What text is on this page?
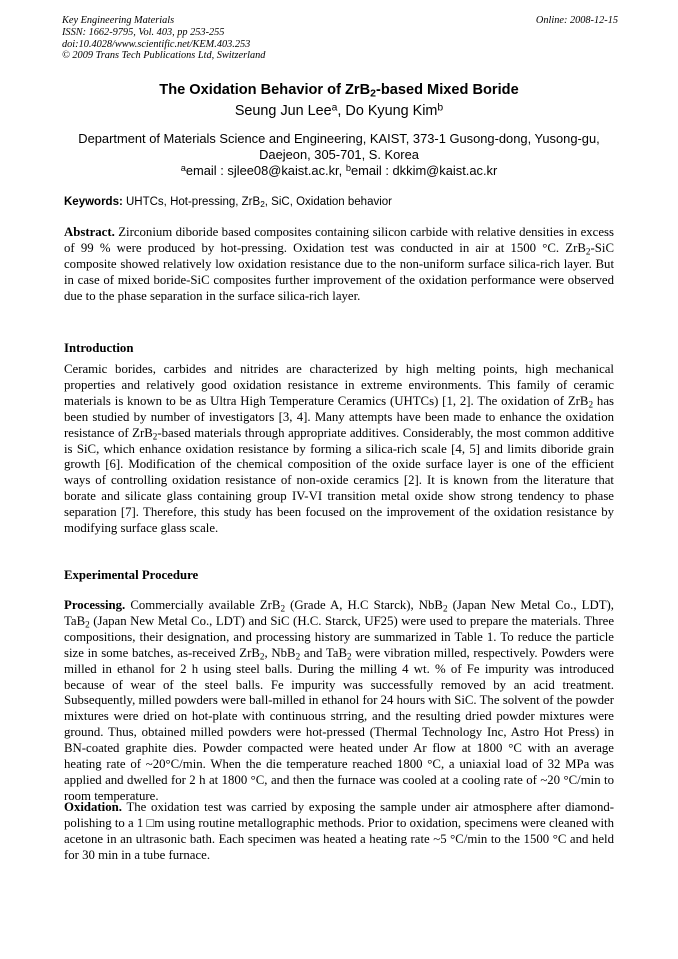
Key Engineering Materials
ISSN: 1662-9795, Vol. 403, pp 253-255
doi:10.4028/www.scientific.net/KEM.403.253
© 2009 Trans Tech Publications Ltd, Switzerland
Online: 2008-12-15
The Oxidation Behavior of ZrB$_2$-based Mixed Boride
Seung Jun Lee$^a$, Do Kyung Kim$^b$
Department of Materials Science and Engineering, KAIST, 373-1 Gusong-dong, Yusong-gu, Daejeon, 305-701, S. Korea
$^a$email : sjlee08@kaist.ac.kr, $^b$email : dkkim@kaist.ac.kr
Keywords: UHTCs, Hot-pressing, ZrB$_2$, SiC, Oxidation behavior
Abstract. Zirconium diboride based composites containing silicon carbide with relative densities in excess of 99 % were produced by hot-pressing. Oxidation test was conducted in air at 1500 °C. ZrB$_2$-SiC composite showed relatively low oxidation resistance due to the non-uniform surface silica-rich layer. But in case of mixed boride-SiC composites further improvement of the oxidation performance were observed due to the phase separation in the surface silica-rich layer.
Introduction
Ceramic borides, carbides and nitrides are characterized by high melting points, high mechanical properties and relatively good oxidation resistance in extreme environments. This family of ceramic materials is known to be as Ultra High Temperature Ceramics (UHTCs) [1, 2]. The oxidation of ZrB$_2$ has been studied by number of investigators [3, 4]. Many attempts have been made to enhance the oxidation resistance of ZrB$_2$-based materials through appropriate additives. Considerably, the most common additive is SiC, which enhance oxidation resistance by forming a silica-rich scale [4, 5] and limits diboride grain growth [6]. Modification of the chemical composition of the oxide surface layer is one of the efficient ways of controlling oxidation resistance of non-oxide ceramics [2]. It is known from the literature that borate and silicate glass containing group IV-VI transition metal oxide show strong tendency to phase separation [7]. Therefore, this study has been focused on the improvement of the oxidation resistance by modifying surface glass scale.
Experimental Procedure
Processing. Commercially available ZrB$_2$ (Grade A, H.C Starck), NbB$_2$ (Japan New Metal Co., LDT), TaB$_2$ (Japan New Metal Co., LDT) and SiC (H.C. Starck, UF25) were used to prepare the materials. Three compositions, their designation, and processing history are summarized in Table 1. To reduce the particle size in some batches, as-received ZrB$_2$, NbB$_2$ and TaB$_2$ were vibration milled, respectively. Powders were milled in ethanol for 2 h using steel balls. During the milling 4 wt. % of Fe impurity was introduced because of wear of the steel balls. Fe impurity was successfully removed by an acid treatment. Subsequently, milled powders were ball-milled in ethanol for 24 hours with SiC. The solvent of the powder mixtures were dried on hot-plate with continuous strring, and the resulting dried powder mixtures were ground. Thus, obtained milled powders were hot-pressed (Thermal Technology Inc, Astro Hot Press) in BN-coated graphite dies. Powder compacted were heated under Ar flow at 1800 °C with an average heating rate of ~20°C/min. When the die temperature reached 1800 °C, a uniaxial load of 32 MPa was applied and dwelled for 2 h at 1800 °C, and then the furnace was cooled at a cooling rate of ~20 °C/min to room temperature.
Oxidation. The oxidation test was carried by exposing the sample under air atmosphere after diamond-polishing to a 1 □m using routine metallographic methods. Prior to oxidation, specimens were cleaned with acetone in an ultrasonic bath. Each specimen was heated a heating rate ~5 °C/min to the 1500 °C and held for 30 min in a tube furnace.
